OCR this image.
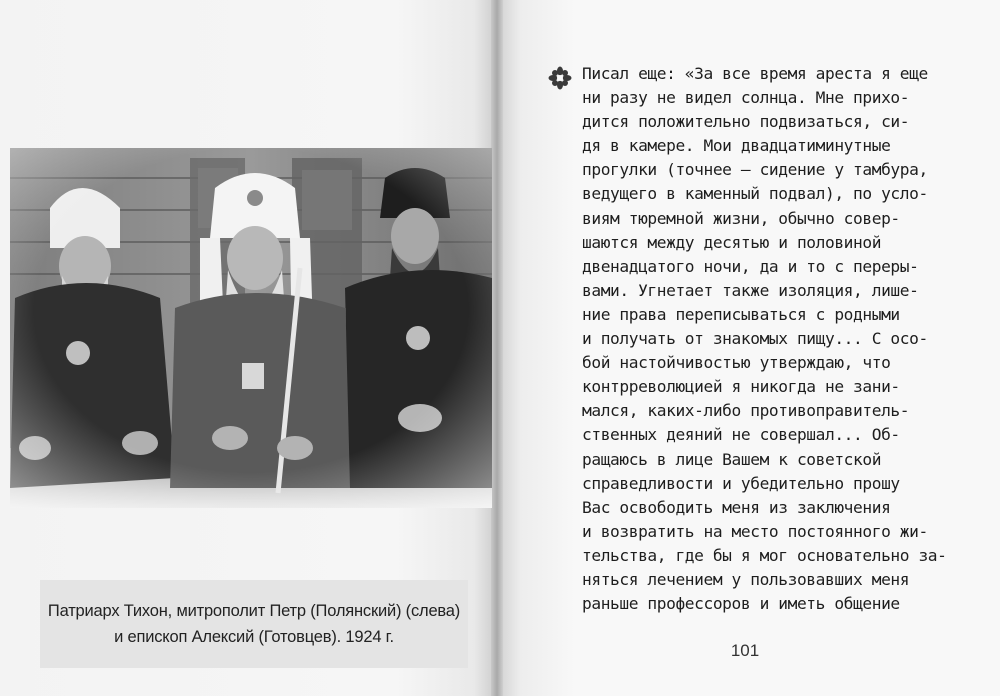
Патриарх Тихон, митрополит Петр (Полянский) (слева)
и епископ Алексий (Готовцев). 1924 г.
Писал еще: «За все время ареста я еще
ни разу не видел солнца. Мне прихо-
дится положительно подвизаться, си-
дя в камере. Мои двадцатиминутные
прогулки (точнее — сидение у тамбура,
ведущего в каменный подвал), по усло-
виям тюремной жизни, обычно совер-
шаются между десятью и половиной
двенадцатого ночи, да и то с переры-
вами. Угнетает также изоляция, лише-
ние права переписываться с родными
и получать от знакомых пищу... С осо-
бой настойчивостью утверждаю, что
контрреволюцией я никогда не зани-
мался, каких-либо противоправитель-
ственных деяний не совершал... Об-
ращаюсь в лице Вашем к советской
справедливости и убедительно прошу
Вас освободить меня из заключения
и возвратить на место постоянного жи-
тельства, где бы я мог основательно за-
няться лечением у пользовавших меня
раньше профессоров и иметь общение
101
